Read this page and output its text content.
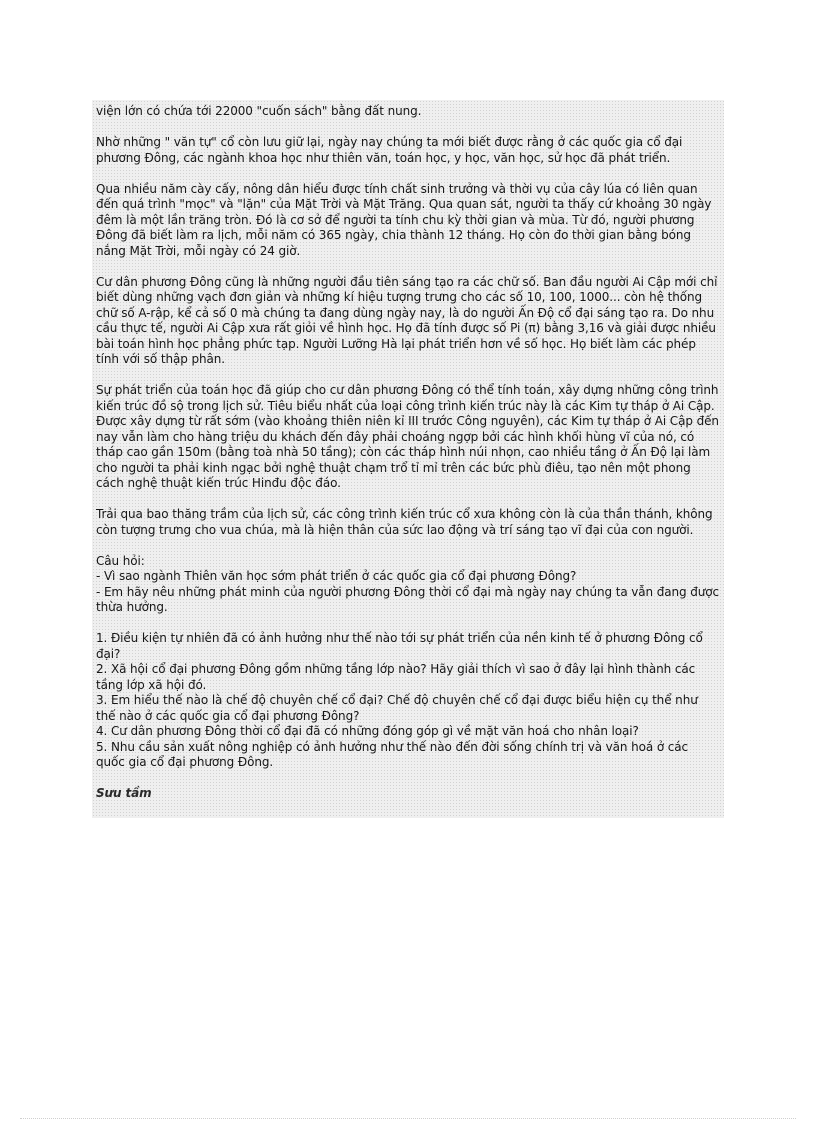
viện lớn có chứa tới 22000 "cuốn sách" bằng đất nung.

Nhờ những " văn tự" cổ còn lưu giữ lại, ngày nay chúng ta mới biết được rằng ở các quốc gia cổ đại phương Đông, các ngành khoa học như thiên văn, toán học, y học, văn học, sử học đã phát triển.

Qua nhiều năm cày cấy, nông dân hiểu được tính chất sinh trưởng và thời vụ của cây lúa có liên quan đến quá trình "mọc" và "lặn" của Mặt Trời và Mặt Trăng. Qua quan sát, người ta thấy cứ khoảng 30 ngày đêm là một lần trăng tròn. Đó là cơ sở để người ta tính chu kỳ thời gian và mùa. Từ đó, người phương Đông đã biết làm ra lịch, mỗi năm có 365 ngày, chia thành 12 tháng. Họ còn đo thời gian bằng bóng nắng Mặt Trời, mỗi ngày có 24 giờ.

Cư dân phương Đông cũng là những người đầu tiên sáng tạo ra các chữ số. Ban đầu người Ai Cập mới chỉ biết dùng những vạch đơn giản và những kí hiệu tượng trưng cho các số 10, 100, 1000... còn hệ thống chữ số A-rập, kể cả số 0 mà chúng ta đang dùng ngày nay, là do người Ấn Độ cổ đại sáng tạo ra. Do nhu cầu thực tế, người Ai Cập xưa rất giỏi về hình học. Họ đã tính được số Pi (π) bằng 3,16 và giải được nhiều bài toán hình học phẳng phức tạp. Người Lưỡng Hà lại phát triển hơn về số học. Họ biết làm các phép tính với số thập phân.

Sự phát triển của toán học đã giúp cho cư dân phương Đông có thể tính toán, xây dựng những công trình kiến trúc đồ sộ trong lịch sử. Tiêu biểu nhất của loại công trình kiến trúc này là các Kim tự tháp ở Ai Cập. Được xây dựng từ rất sớm (vào khoảng thiên niên kỉ III trước Công nguyên), các Kim tự tháp ở Ai Cập đến nay vẫn làm cho hàng triệu du khách đến đây phải choáng ngợp bởi các hình khối hùng vĩ của nó, có tháp cao gần 150m (bằng toà nhà 50 tầng); còn các tháp hình núi nhọn, cao nhiều tầng ở Ấn Độ lại làm cho người ta phải kinh ngạc bởi nghệ thuật chạm trổ tỉ mỉ trên các bức phù điêu, tạo nên một phong cách nghệ thuật kiến trúc Hinđu độc đáo.

Trải qua bao thăng trầm của lịch sử, các công trình kiến trúc cổ xưa không còn là của thần thánh, không còn tượng trưng cho vua chúa, mà là hiện thân của sức lao động và trí sáng tạo vĩ đại của con người.

Câu hỏi:
- Vì sao ngành Thiên văn học sớm phát triển ở các quốc gia cổ đại phương Đông?
- Em hãy nêu những phát minh của người phương Đông thời cổ đại mà ngày nay chúng ta vẫn đang được thừa hưởng.

1. Điều kiện tự nhiên đã có ảnh hưởng như thế nào tới sự phát triển của nền kinh tế ở phương Đông cổ đại?
2. Xã hội cổ đại phương Đông gồm những tầng lớp nào? Hãy giải thích vì sao ở đây lại hình thành các tầng lớp xã hội đó.
3. Em hiểu thế nào là chế độ chuyên chế cổ đại? Chế độ chuyên chế cổ đại được biểu hiện cụ thể như thế nào ở các quốc gia cổ đại phương Đông?
4. Cư dân phương Đông thời cổ đại đã có những đóng góp gì về mặt văn hoá cho nhân loại?
5. Nhu cầu sản xuất nông nghiệp có ảnh hưởng như thế nào đến đời sống chính trị và văn hoá ở các quốc gia cổ đại phương Đông.

Sưu tầm
